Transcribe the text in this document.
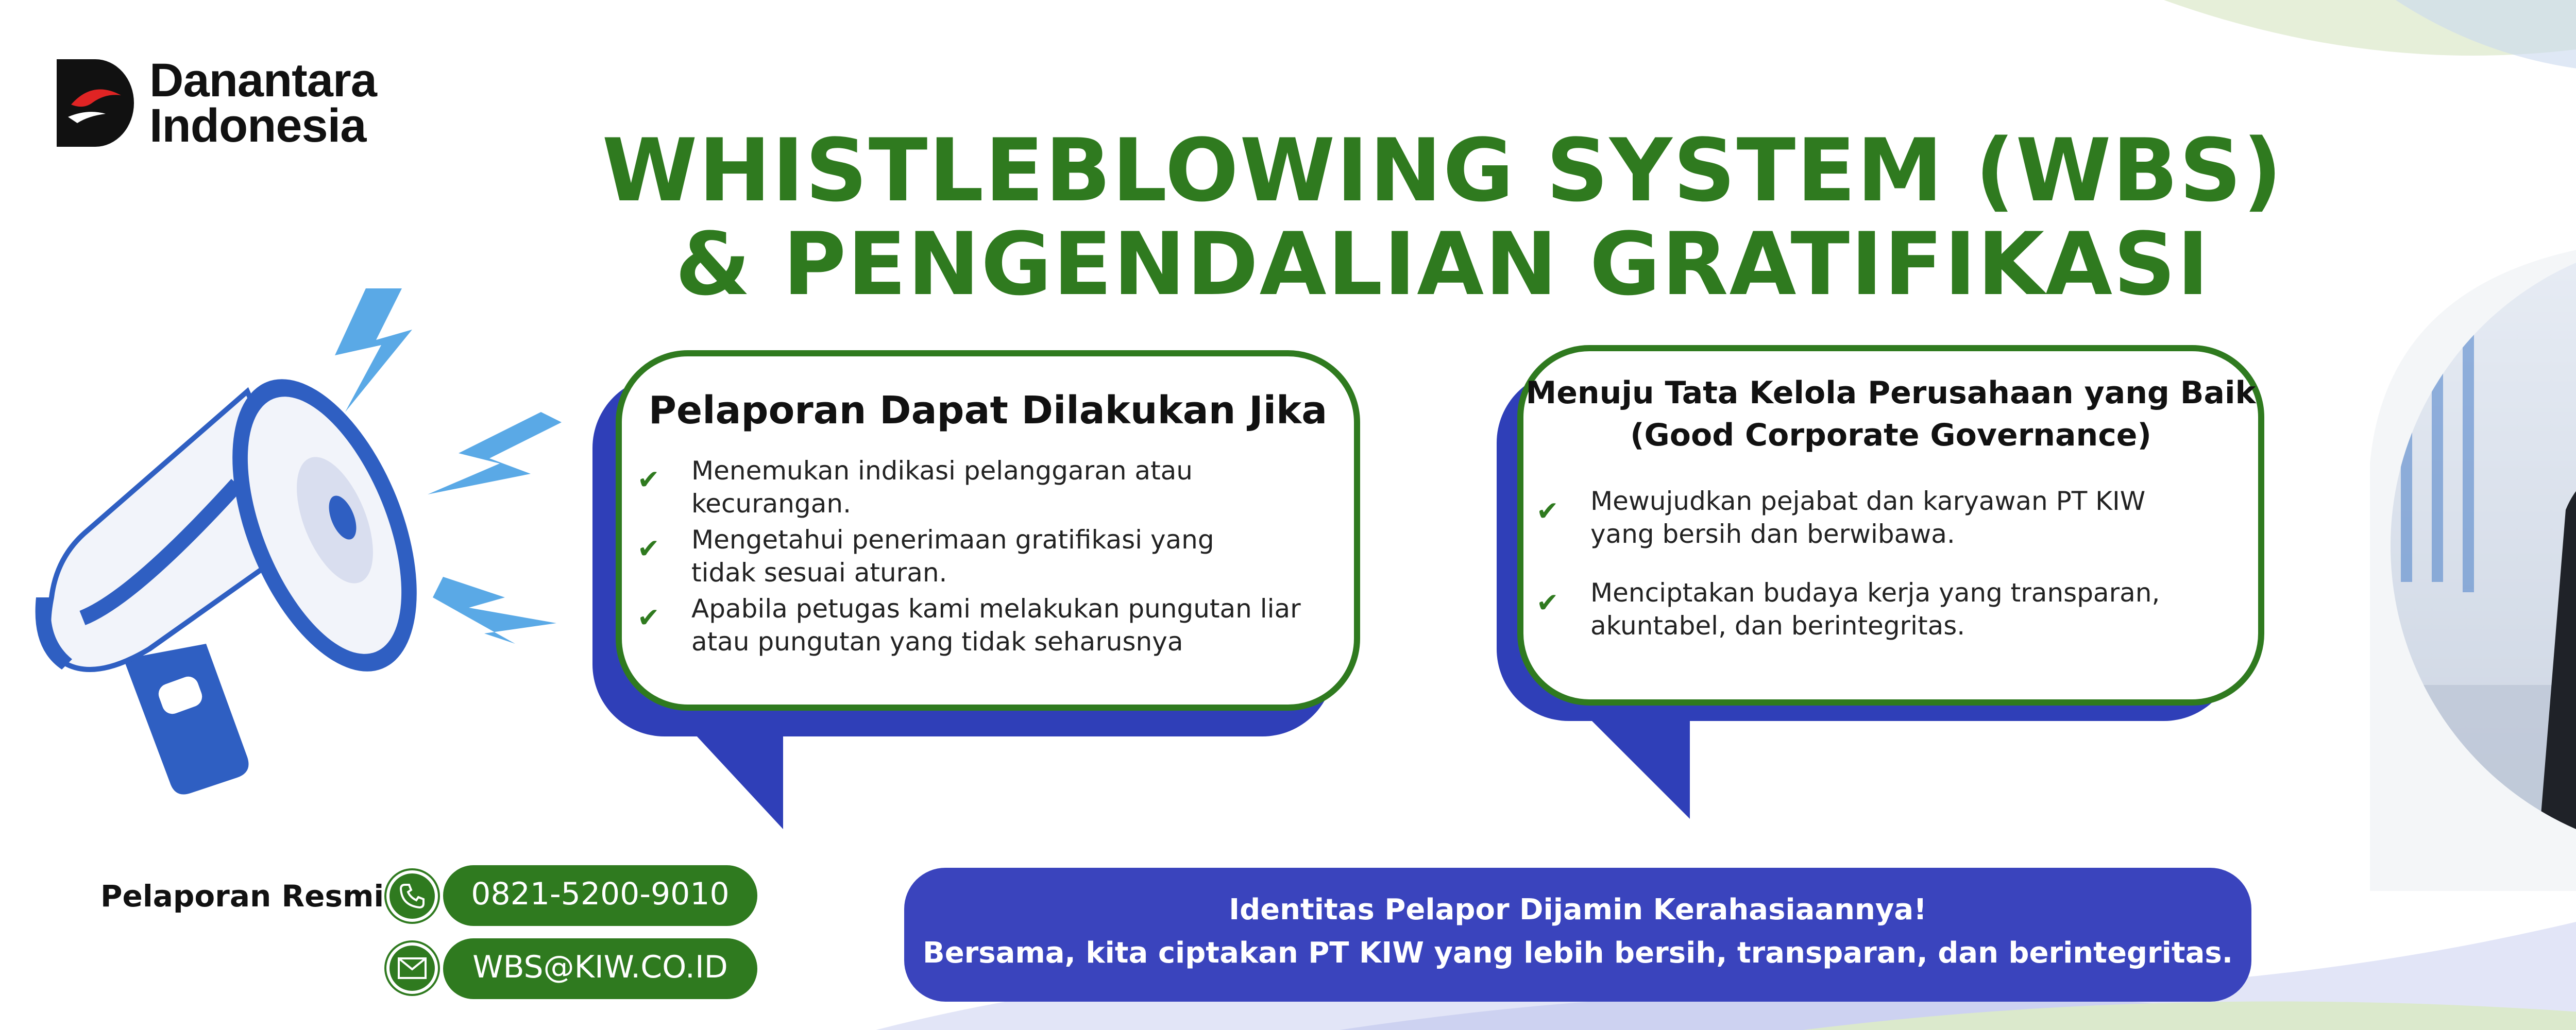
Danantara
Indonesia	WHISTLEBLOWING SYSTEM (WBS)
& PENGENDALIAN GRATIFIKASI
Pelaporan Dapat Dilakukan Jika
✔ Menemukan indikasi pelanggaran atau
kecurangan.
✔ Mengetahui penerimaan gratifikasi yang
tidak sesuai aturan.
✔ Apabila petugas kami melakukan pungutan liar
atau pungutan yang tidak seharusnya
Menuju Tata Kelola Perusahaan yang Baik
(Good Corporate Governance)
✔ Mewujudkan pejabat dan karyawan PT KIW
yang bersih dan berwibawa.
✔ Menciptakan budaya kerja yang transparan,
akuntabel, dan berintegritas.
Pelaporan Resmi	0821-5200-9010
WBS@KIW.CO.ID
Identitas Pelapor Dijamin Kerahasiaannya!
Bersama, kita ciptakan PT KIW yang lebih bersih, transparan, dan berintegritas.
